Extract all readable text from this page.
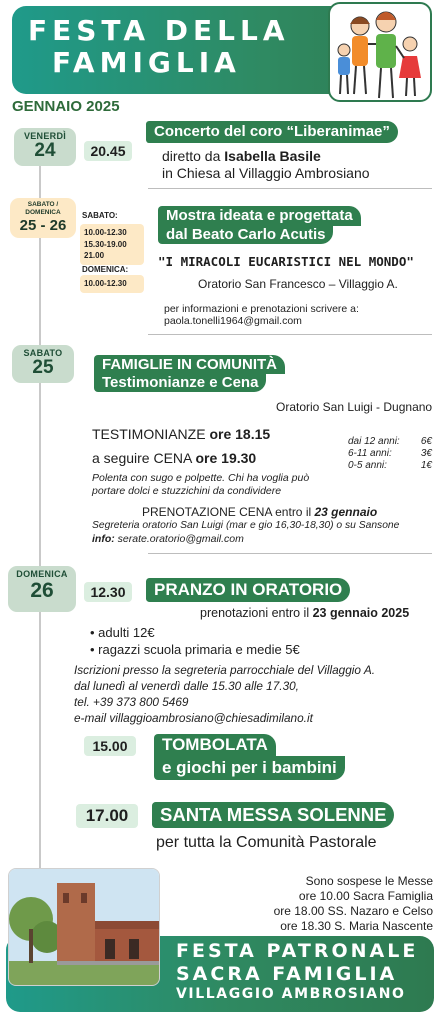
FESTA DELLA
FAMIGLIA
GENNAIO 2025
VENERDÌ
24	20.45
Concerto del coro “Liberanimae”
diretto da Isabella Basile
in Chiesa al Villaggio Ambrosiano
SABATO /
DOMENICA
25 - 26
SABATO:
10.00-12.30
15.30-19.00
21.00
DOMENICA:
10.00-12.30
Mostra ideata e progettata
dal Beato Carlo Acutis
"I MIRACOLI EUCARISTICI NEL MONDO"
Oratorio San Francesco – Villaggio A.
per informazioni e prenotazioni scrivere a:
paola.tonelli1964@gmail.com
SABATO
25	FAMIGLIE IN COMUNITÀ
Testimonianze e Cena
Oratorio San Luigi - Dugnano
TESTIMONIANZE ore 18.15
a seguire CENA ore 19.30
dai 12 anni: 6€
6-11 anni:	3€
0-5 anni:	1€
Polenta con sugo e polpette. Chi ha voglia può
portare dolci e stuzzichini da condividere
PRENOTAZIONE CENA entro il 23 gennaio
Segreteria oratorio San Luigi (mar e gio 16,30-18,30) o su Sansone
info: serate.oratorio@gmail.com
DOMENICA
26	12.30	PRANZO IN ORATORIO
prenotazioni entro il 23 gennaio 2025
• adulti 12€
• ragazzi scuola primaria e medie 5€
Iscrizioni presso la segreteria parrocchiale del Villaggio A.
dal lunedì al venerdì dalle 15.30 alle 17.30,
tel. +39 373 800 5469
e-mail villaggioambrosiano@chiesadimilano.it
15.00	TOMBOLATA
e giochi per i bambini
17.00	SANTA MESSA SOLENNE
per tutta la Comunità Pastorale
Sono sospese le Messe
ore 10.00 Sacra Famiglia
ore 18.00 SS. Nazaro e Celso
ore 18.30 S. Maria Nascente
FESTA PATRONALE
SACRA FAMIGLIA
VILLAGGIO AMBROSIANO
